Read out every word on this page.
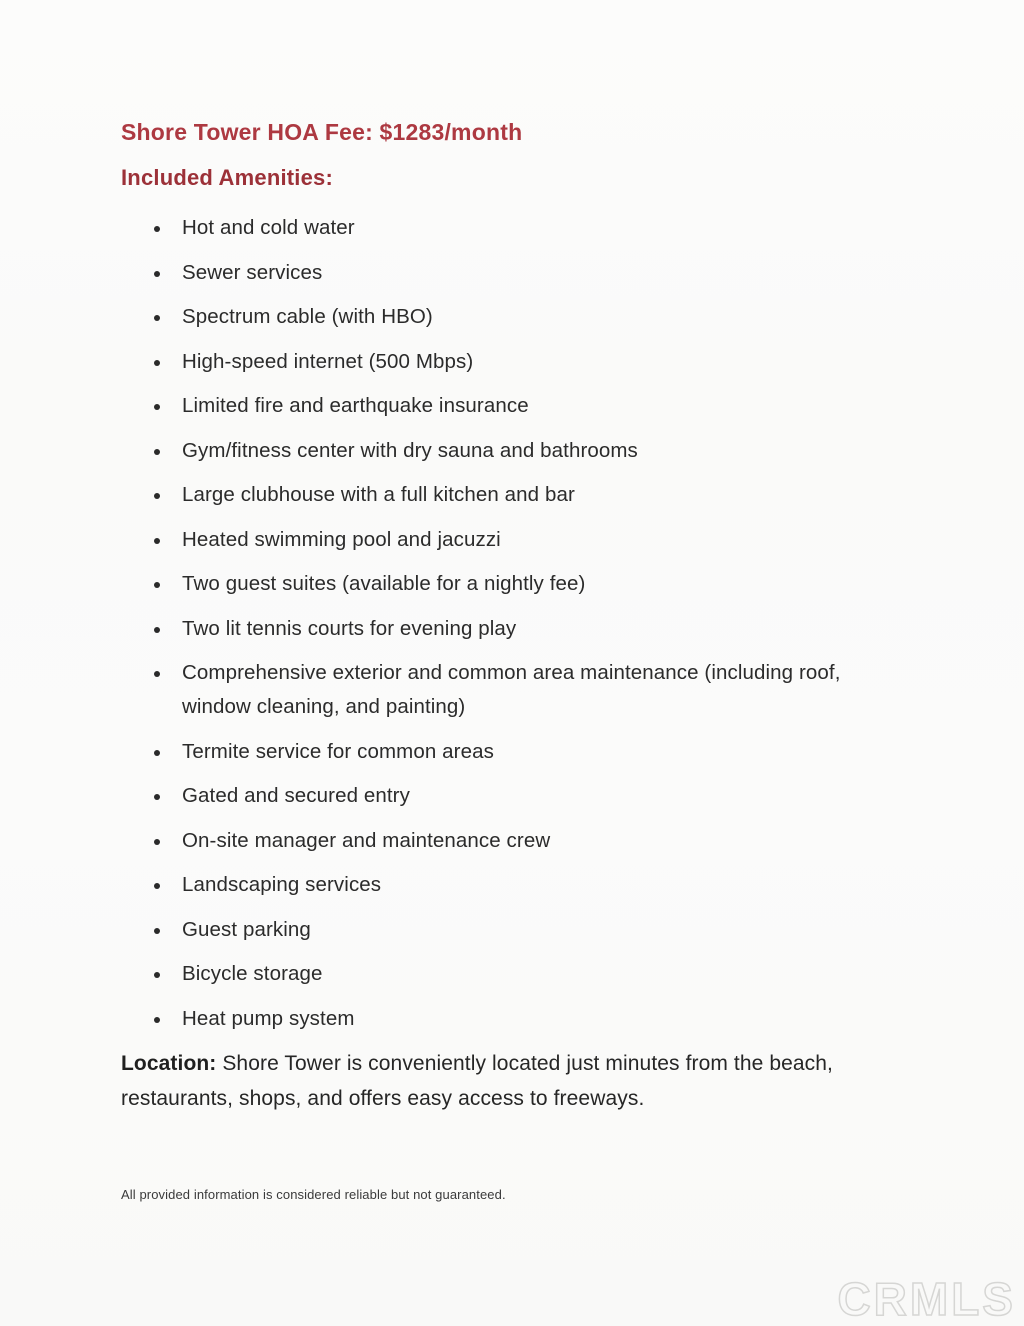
Shore Tower HOA Fee: $1283/month
Included Amenities:
Hot and cold water
Sewer services
Spectrum cable (with HBO)
High-speed internet (500 Mbps)
Limited fire and earthquake insurance
Gym/fitness center with dry sauna and bathrooms
Large clubhouse with a full kitchen and bar
Heated swimming pool and jacuzzi
Two guest suites (available for a nightly fee)
Two lit tennis courts for evening play
Comprehensive exterior and common area maintenance (including roof, window cleaning, and painting)
Termite service for common areas
Gated and secured entry
On-site manager and maintenance crew
Landscaping services
Guest parking
Bicycle storage
Heat pump system

Location: Shore Tower is conveniently located just minutes from the beach, restaurants, shops, and offers easy access to freeways.

All provided information is considered reliable but not guaranteed.

CRMLS
